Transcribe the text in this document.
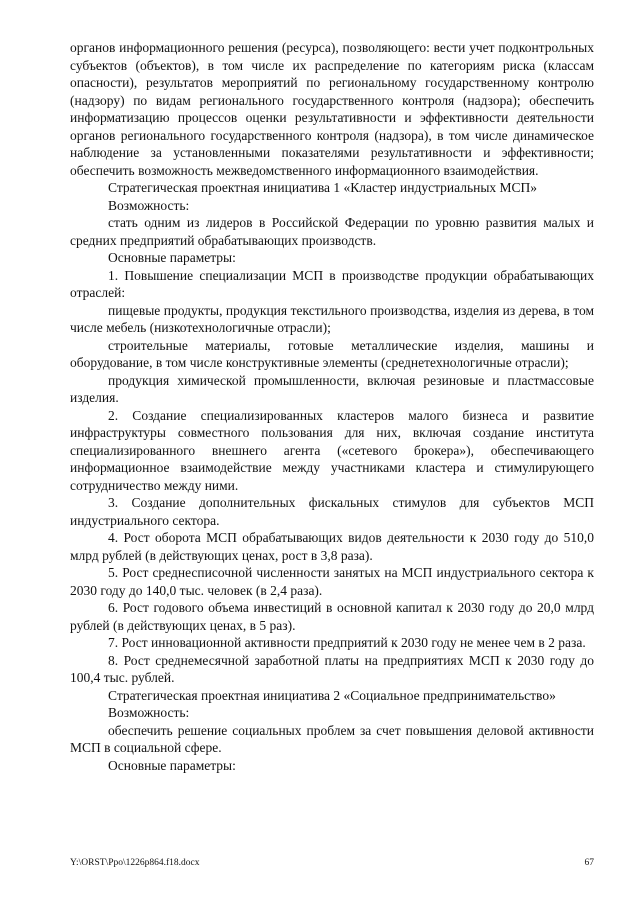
органов информационного решения (ресурса), позволяющего: вести учет подконтрольных субъектов (объектов), в том числе их распределение по категориям риска (классам опасности), результатов мероприятий по региональному государственному контролю (надзору) по видам регионального государственного контроля (надзора); обеспечить информатизацию процессов оценки результативности и эффективности деятельности органов регионального государственного контроля (надзора), в том числе динамическое наблюдение за установленными показателями результативности и эффективности; обеспечить возможность межведомственного информационного взаимодействия.

Стратегическая проектная инициатива 1 «Кластер индустриальных МСП»

Возможность:

стать одним из лидеров в Российской Федерации по уровню развития малых и средних предприятий обрабатывающих производств.

Основные параметры:

1. Повышение специализации МСП в производстве продукции обрабатывающих отраслей:

пищевые продукты, продукция текстильного производства, изделия из дерева, в том числе мебель (низкотехнологичные отрасли);

строительные материалы, готовые металлические изделия, машины и оборудование, в том числе конструктивные элементы (среднетехнологичные отрасли);

продукция химической промышленности, включая резиновые и пластмассовые изделия.

2. Создание специализированных кластеров малого бизнеса и развитие инфраструктуры совместного пользования для них, включая создание института специализированного внешнего агента («сетевого брокера»), обеспечивающего информационное взаимодействие между участниками кластера и стимулирующего сотрудничество между ними.

3. Создание дополнительных фискальных стимулов для субъектов МСП индустриального сектора.

4. Рост оборота МСП обрабатывающих видов деятельности к 2030 году до 510,0 млрд рублей (в действующих ценах, рост в 3,8 раза).

5. Рост среднесписочной численности занятых на МСП индустриального сектора к 2030 году до 140,0 тыс. человек (в 2,4 раза).

6. Рост годового объема инвестиций в основной капитал к 2030 году до 20,0 млрд рублей (в действующих ценах, в 5 раз).

7. Рост инновационной активности предприятий к 2030 году не менее чем в 2 раза.

8. Рост среднемесячной заработной платы на предприятиях МСП к 2030 году до 100,4 тыс. рублей.

Стратегическая проектная инициатива 2 «Социальное предпринимательство»

Возможность:

обеспечить решение социальных проблем за счет повышения деловой активности МСП в социальной сфере.

Основные параметры:

Y:\ORST\Ppo\1226p864.f18.docx	67
